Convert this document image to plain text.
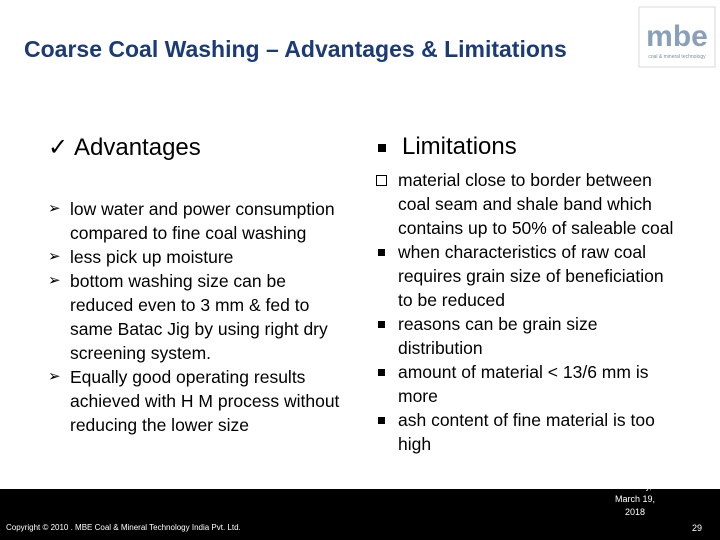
Coarse Coal Washing – Advantages & Limitations	mbe
coal & mineral technology
✓ Advantages
➢ low water and power consumption compared to fine coal washing
➢ less pick up moisture
➢ bottom washing size can be reduced even to 3 mm & fed to same Batac Jig by using right dry screening system.
➢ Equally good operating results achieved with H M process without reducing the lower size
Limitations
material close to border between coal seam and shale band which contains up to 50% of saleable coal
when characteristics of raw coal requires grain size of beneficiation to be reduced
reasons can be grain size distribution
amount of material < 13/6 mm is more
ash content of fine material is too high
Copyright © 2010 . MBE Coal & Mineral Technology India Pvt. Ltd.
Monday, March 19, 2018
29
